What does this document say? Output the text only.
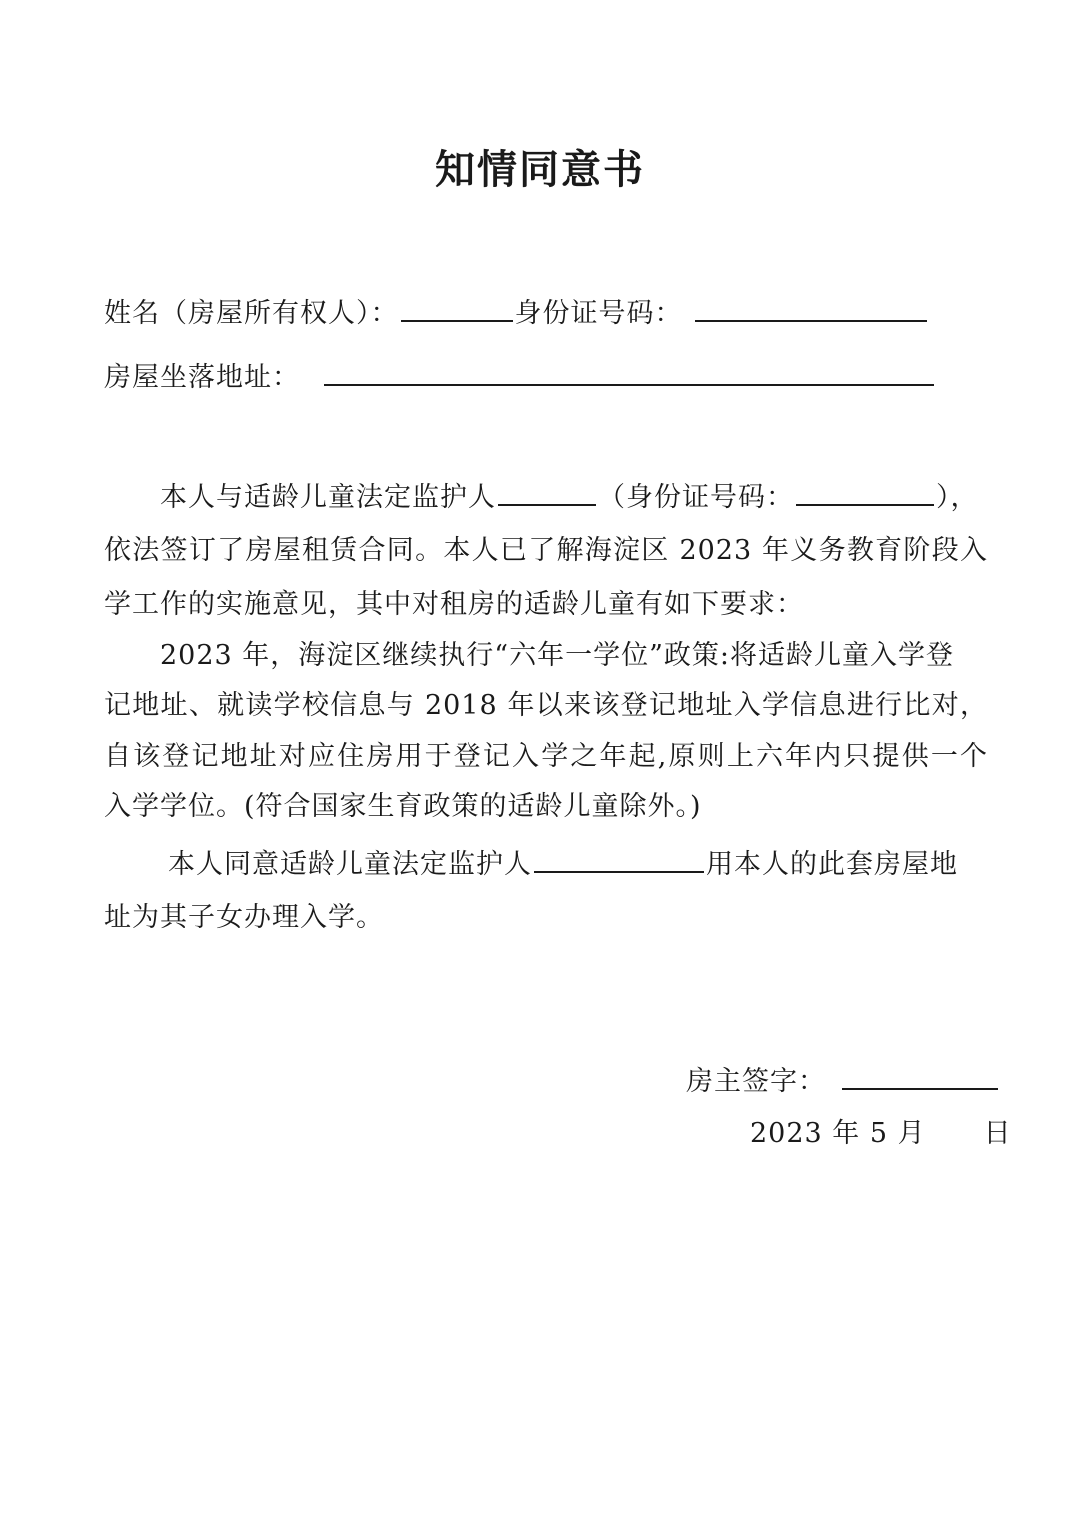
知情同意书
姓名（房屋所有权人）：	身份证号码：
房屋坐落地址：
本人与适龄儿童法定监护人	（身份证号码：	），
依法签订了房屋租赁合同。本人已了解海淀区 2023 年义务教育阶段入
学工作的实施意见，其中对租房的适龄儿童有如下要求：
2023 年，海淀区继续执行“六年一学位”政策:将适龄儿童入学登
记地址、就读学校信息与 2018 年以来该登记地址入学信息进行比对，
自该登记地址对应住房用于登记入学之年起,原则上六年内只提供一个
入学学位。(符合国家生育政策的适龄儿童除外。)
本人同意适龄儿童法定监护人	用本人的此套房屋地
址为其子女办理入学。
房主签字：
2023 年 5 月 日
